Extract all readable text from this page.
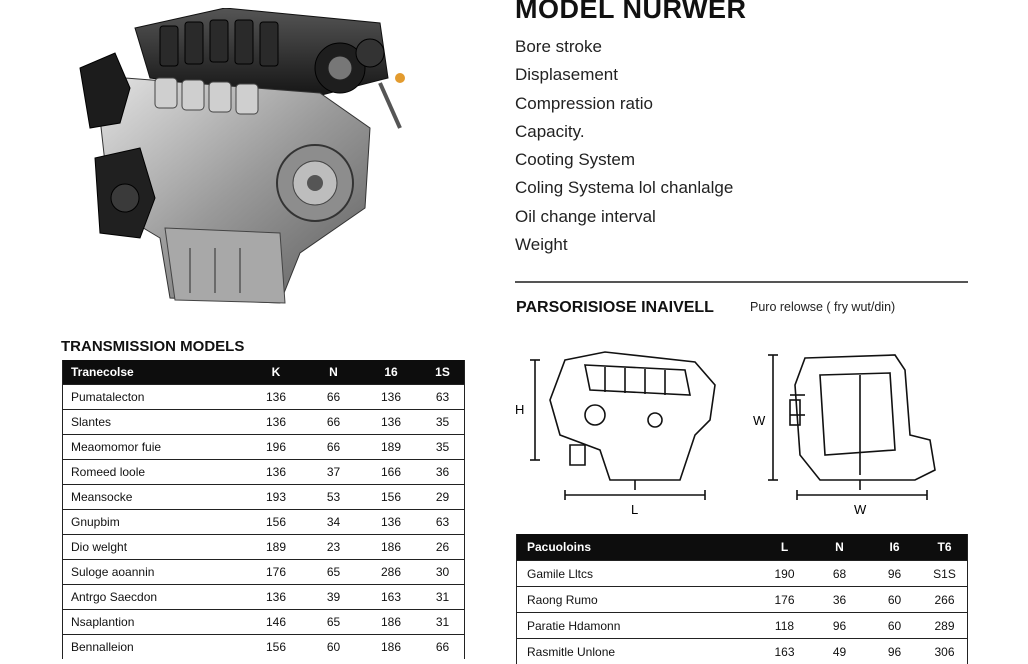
MODEL NURWER
Bore stroke
Displasement
Compression ratio
Capacity.
Cooting System
Coling Systema lol chanlalge
Oil change interval
Weight
PARSORISIOSE INAIVELL	Puro relowse ( fry wut/din)
H
L
W
W
TRANSMISSION MODELS
Tranecolse	K	N	16	1S
Pumatalecton	136	66	136	63
Slantes	136	66	136	35
Meaomomor fuie	196	66	189	35
Romeed loole	136	37	166	36
Meansocke	193	53	156	29
Gnupbim	156	34	136	63
Dio welght	189	23	186	26
Suloge aoannin	176	65	286	30
Antrgo Saecdon	136	39	163	31
Nsaplantion	146	65	186	31
Bennalleion	156	60	186	66
Pacuoloins	L	N	I6	T6
Gamile Lltcs	190	68	96	S1S
Raong Rumo	176	36	60	266
Paratie Hdamonn	118	96	60	289
Rasmitle Unlone	163	49	96	306
